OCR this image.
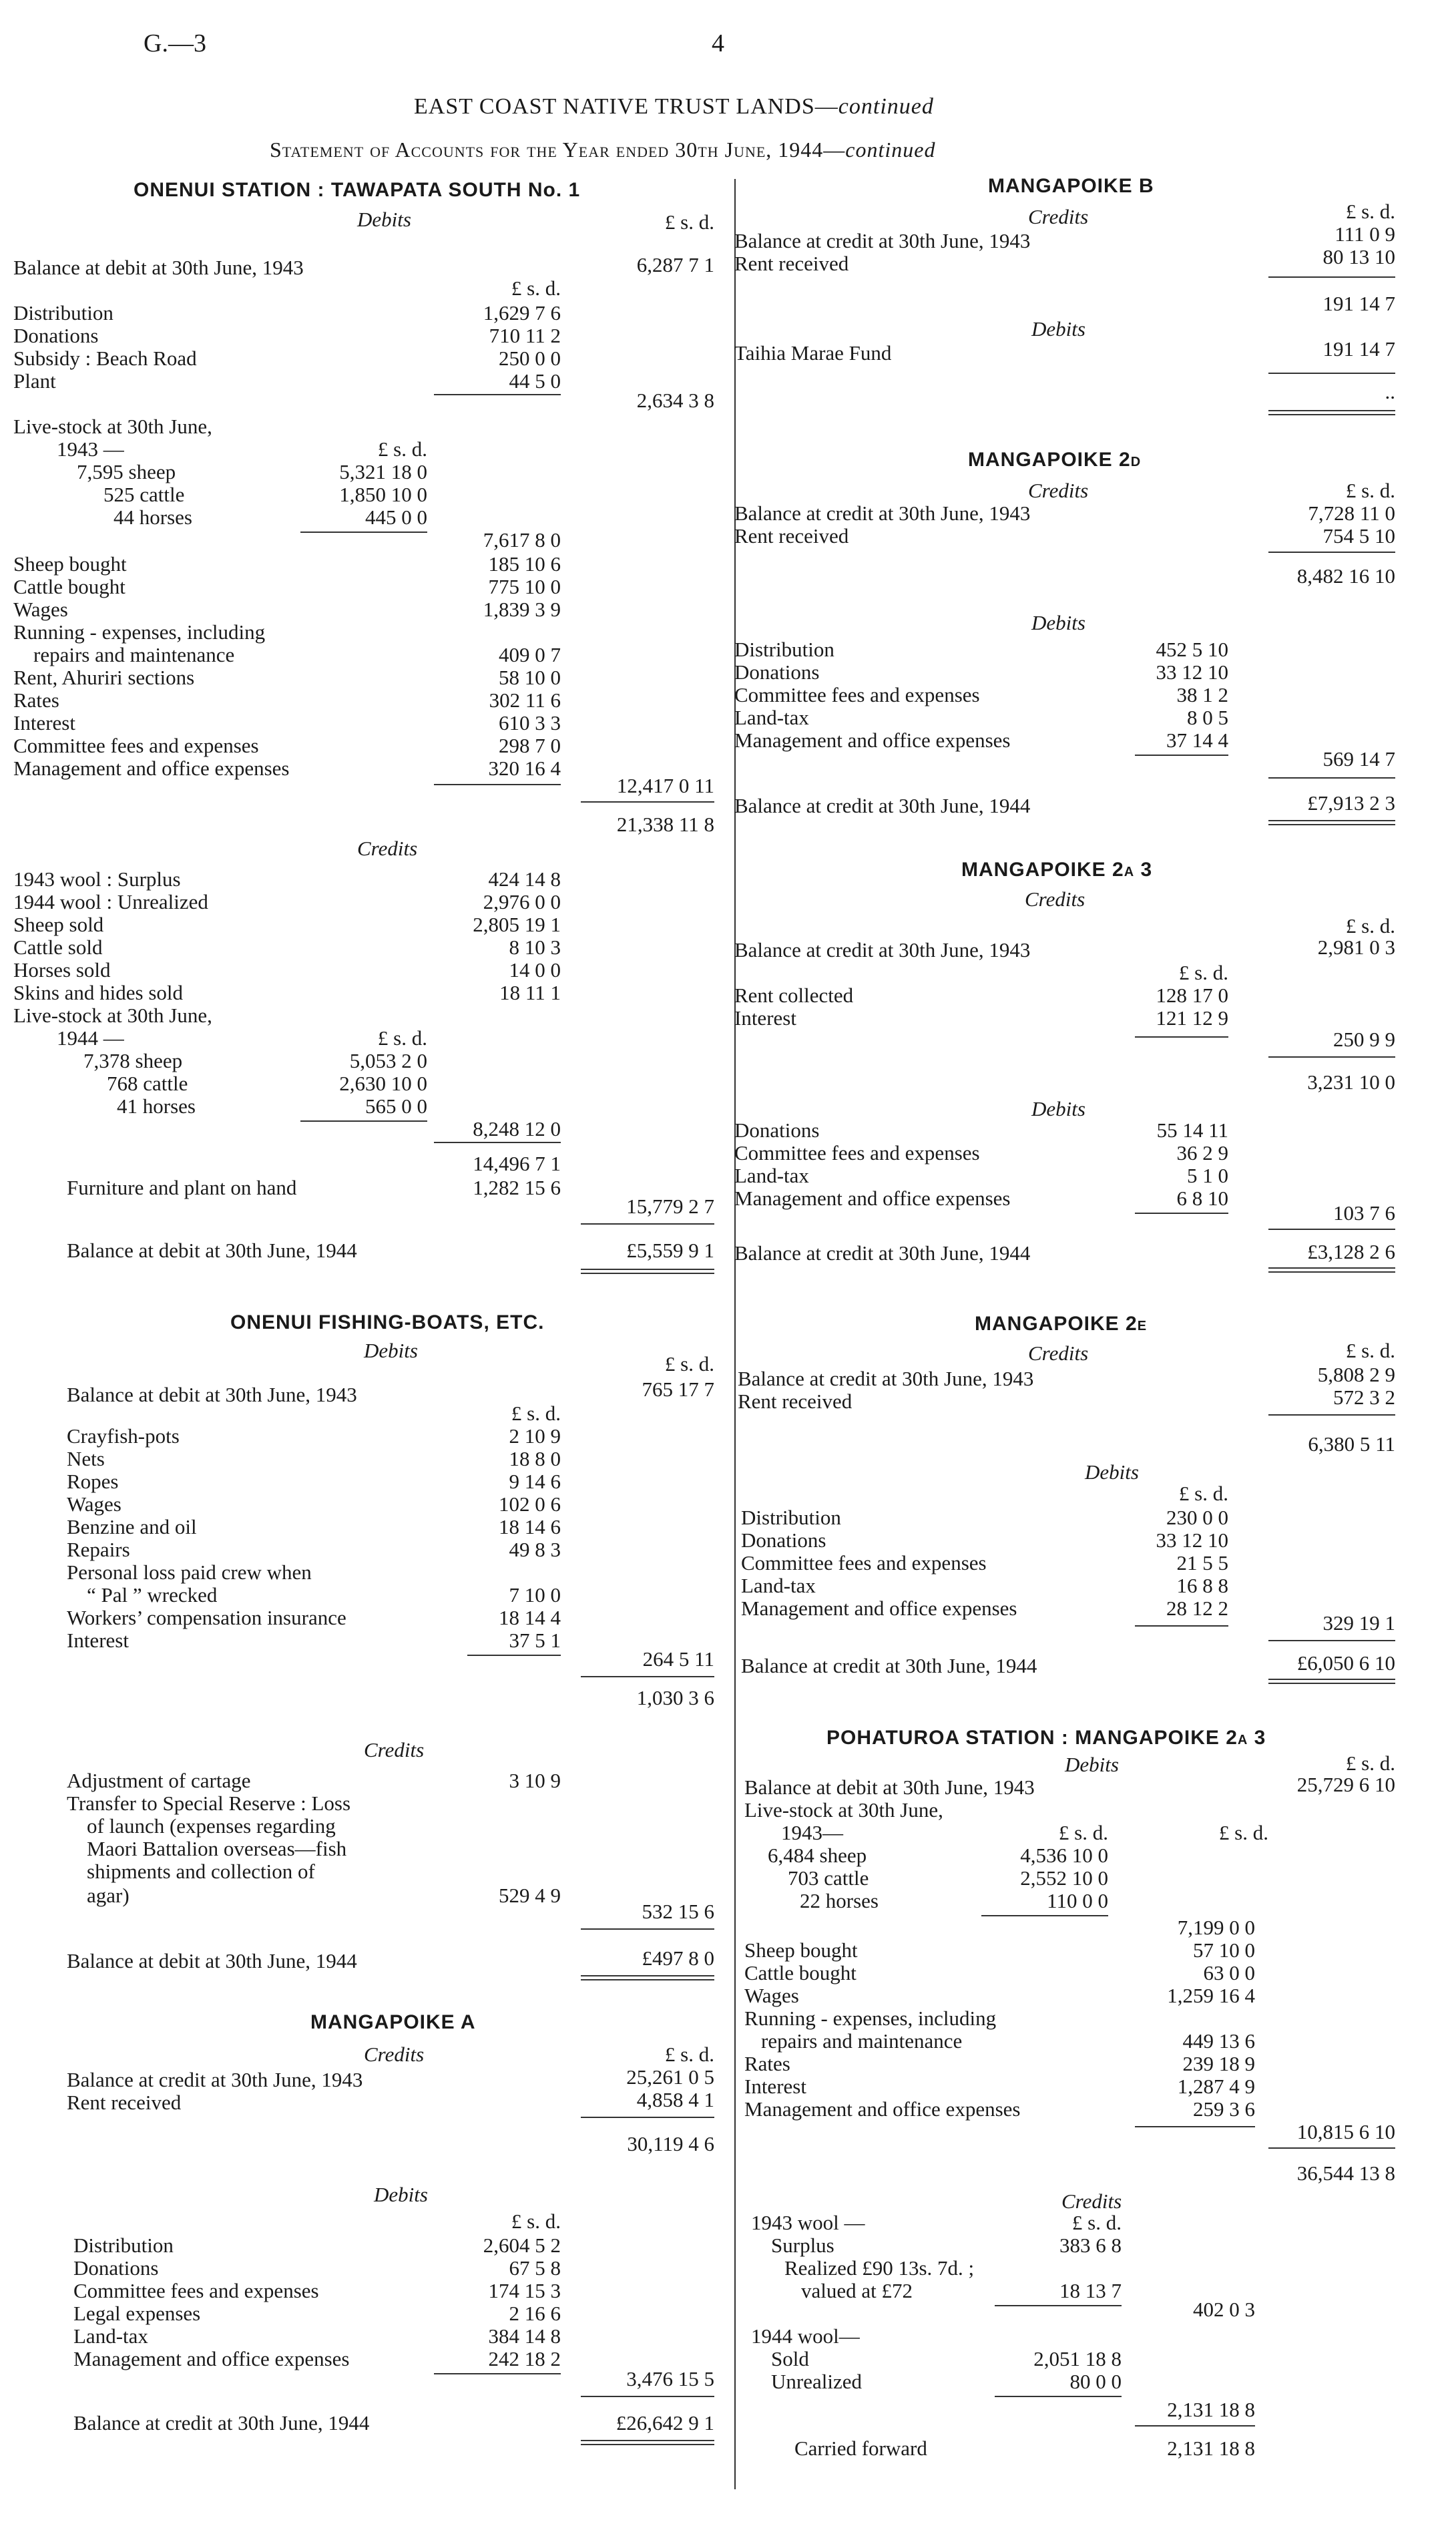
G.—3	4
EAST COAST NATIVE TRUST LANDS—continued
Statement of Accounts for the Year ended 30th June, 1944—continued
ONENUI STATION : TAWAPATA SOUTH No. 1
Debits	£ s. d.
Balance at debit at 30th June, 1943	6,287 7 1
£ s. d.
Distribution	1,629 7 6
Donations	710 11 2
Subsidy : Beach Road	250 0 0
Plant	44 5 0
2,634 3 8
Live-stock at 30th June,
1943 —	£ s. d.
7,595 sheep	5,321 18 0
525 cattle	1,850 10 0
44 horses	445 0 0
7,617 8 0
Sheep bought	185 10 6
Cattle bought	775 10 0
Wages	1,839 3 9
Running - expenses, including
repairs and maintenance	409 0 7
Rent, Ahuriri sections	58 10 0
Rates	302 11 6
Interest	610 3 3
Committee fees and expenses	298 7 0
Management and office expenses	320 16 4
12,417 0 11
21,338 11 8
Credits
1943 wool : Surplus	424 14 8
1944 wool : Unrealized	2,976 0 0
Sheep sold	2,805 19 1
Cattle sold	8 10 3
Horses sold	14 0 0
Skins and hides sold	18 11 1
Live-stock at 30th June,
1944 —	£ s. d.
7,378 sheep	5,053 2 0
768 cattle	2,630 10 0
41 horses	565 0 0
8,248 12 0
14,496 7 1
Furniture and plant on hand	1,282 15 6
15,779 2 7
Balance at debit at 30th June, 1944	£5,559 9 1
ONENUI FISHING-BOATS, ETC.
Debits
£ s. d.
Balance at debit at 30th June, 1943	765 17 7
£ s. d.
Crayfish-pots	2 10 9
Nets	18 8 0
Ropes	9 14 6
Wages	102 0 6
Benzine and oil	18 14 6
Repairs	49 8 3
Personal loss paid crew when
“ Pal ” wrecked	7 10 0
Workers’ compensation insurance	18 14 4
Interest	37 5 1
264 5 11
1,030 3 6
Credits
Adjustment of cartage	3 10 9
Transfer to Special Reserve : Loss
of launch (expenses regarding
Maori Battalion overseas—fish
shipments and collection of
agar)	529 4 9
532 15 6
Balance at debit at 30th June, 1944	£497 8 0
MANGAPOIKE A
Credits	£ s. d.
Balance at credit at 30th June, 1943	25,261 0 5
Rent received	4,858 4 1
30,119 4 6
Debits
£ s. d.
Distribution	2,604 5 2
Donations	67 5 8
Committee fees and expenses	174 15 3
Legal expenses	2 16 6
Land-tax	384 14 8
Management and office expenses	242 18 2
3,476 15 5
Balance at credit at 30th June, 1944	£26,642 9 1
MANGAPOIKE B
Credits	£ s. d.
Balance at credit at 30th June, 1943	111 0 9
Rent received	80 13 10
191 14 7
Debits
Taihia Marae Fund	191 14 7
..
MANGAPOIKE 2D
Credits	£ s. d.
Balance at credit at 30th June, 1943	7,728 11 0
Rent received	754 5 10
8,482 16 10
Debits
Distribution	452 5 10
Donations	33 12 10
Committee fees and expenses	38 1 2
Land-tax	8 0 5
Management and office expenses	37 14 4
569 14 7
Balance at credit at 30th June, 1944	£7,913 2 3
MANGAPOIKE 2A 3
Credits
£ s. d.
Balance at credit at 30th June, 1943	2,981 0 3
£ s. d.
Rent collected	128 17 0
Interest	121 12 9
250 9 9
3,231 10 0
Debits
Donations	55 14 11
Committee fees and expenses	36 2 9
Land-tax	5 1 0
Management and office expenses	6 8 10
103 7 6
Balance at credit at 30th June, 1944	£3,128 2 6
MANGAPOIKE 2E
Credits	£ s. d.
Balance at credit at 30th June, 1943	5,808 2 9
Rent received	572 3 2
6,380 5 11
Debits
£ s. d.
Distribution	230 0 0
Donations	33 12 10
Committee fees and expenses	21 5 5
Land-tax	16 8 8
Management and office expenses	28 12 2
329 19 1
Balance at credit at 30th June, 1944	£6,050 6 10
POHATUROA STATION : MANGAPOIKE 2A 3
Debits	£ s. d.
Balance at debit at 30th June, 1943	25,729 6 10
Live-stock at 30th June,
1943—	£ s. d.	£ s. d.
6,484 sheep	4,536 10 0
703 cattle	2,552 10 0
22 horses	110 0 0
7,199 0 0
Sheep bought	57 10 0
Cattle bought	63 0 0
Wages	1,259 16 4
Running - expenses, including
repairs and maintenance	449 13 6
Rates	239 18 9
Interest	1,287 4 9
Management and office expenses	259 3 6
10,815 6 10
36,544 13 8
Credits
1943 wool —	£ s. d.
Surplus	383 6 8
Realized £90 13s. 7d. ;
valued at £72	18 13 7
402 0 3
1944 wool—
Sold	2,051 18 8
Unrealized	80 0 0
2,131 18 8
Carried forward	2,131 18 8
